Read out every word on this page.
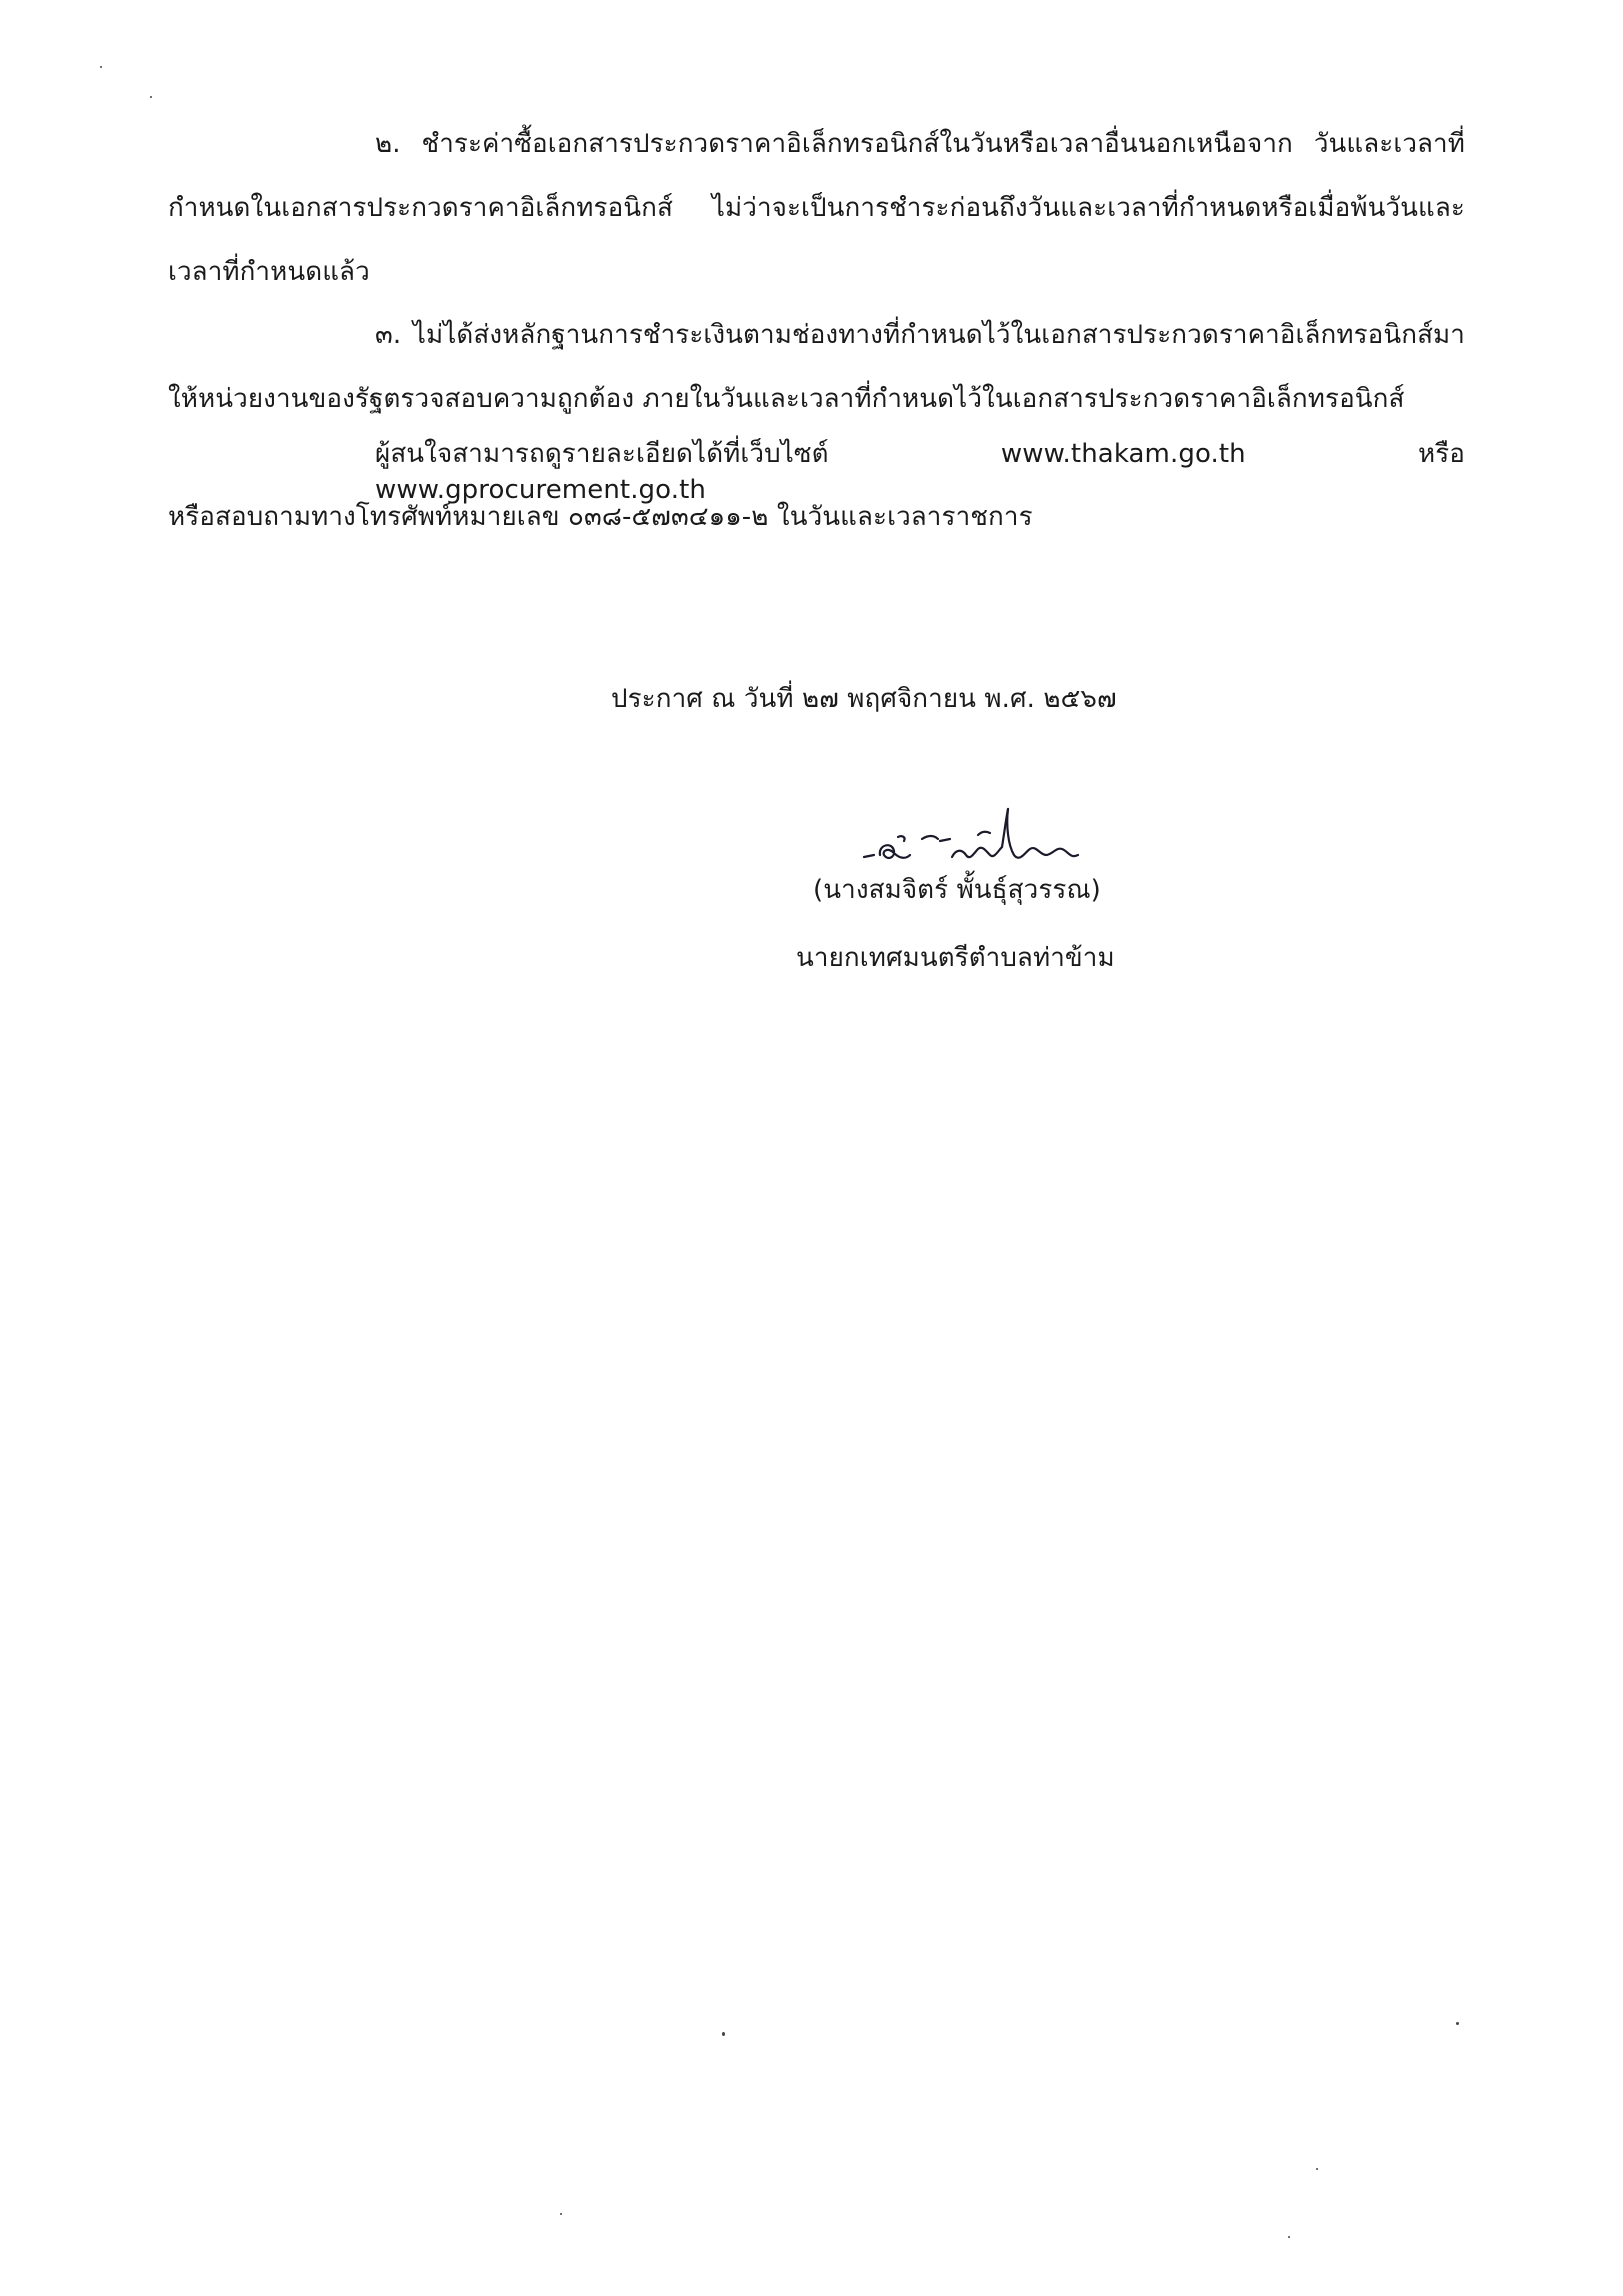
๒. ชำระค่าซื้อเอกสารประกวดราคาอิเล็กทรอนิกส์ในวันหรือเวลาอื่นนอกเหนือจาก วันและเวลาที่
กำหนดในเอกสารประกวดราคาอิเล็กทรอนิกส์ ไม่ว่าจะเป็นการชำระก่อนถึงวันและเวลาที่กำหนดหรือเมื่อพ้นวันและ
เวลาที่กำหนดแล้ว
๓. ไม่ได้ส่งหลักฐานการชำระเงินตามช่องทางที่กำหนดไว้ในเอกสารประกวดราคาอิเล็กทรอนิกส์มา
ให้หน่วยงานของรัฐตรวจสอบความถูกต้อง ภายในวันและเวลาที่กำหนดไว้ในเอกสารประกวดราคาอิเล็กทรอนิกส์
ผู้สนใจสามารถดูรายละเอียดได้ที่เว็บไซต์ www.thakam.go.th หรือ www.gprocurement.go.th
หรือสอบถามทางโทรศัพท์หมายเลข ๐๓๘-๕๗๓๔๑๑-๒ ในวันและเวลาราชการ
ประกาศ ณ วันที่ ๒๗ พฤศจิกายน พ.ศ. ๒๕๖๗
(นางสมจิตร์ พั้นธุ์สุวรรณ)
นายกเทศมนตรีตำบลท่าข้าม
